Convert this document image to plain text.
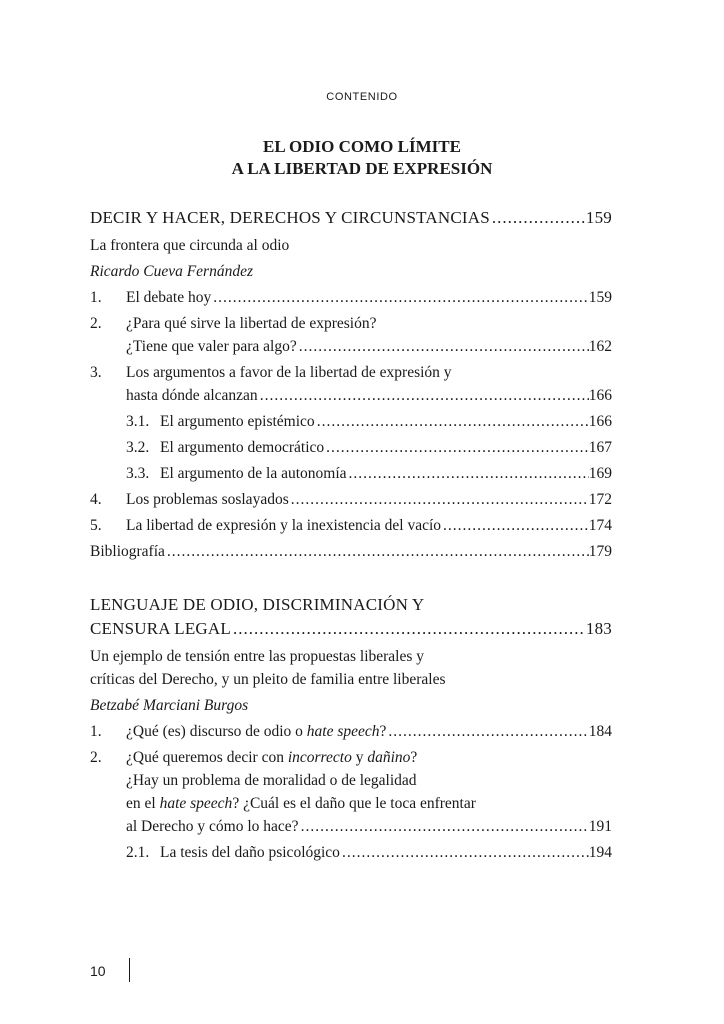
CONTENIDO
EL ODIO COMO LÍMITE
A LA LIBERTAD DE EXPRESIÓN
DECIR Y HACER, DERECHOS Y CIRCUNSTANCIAS .....	159
La frontera que circunda al odio
Ricardo Cueva Fernández
1. El debate hoy .....	159
2. ¿Para qué sirve la libertad de expresión?
¿Tiene que valer para algo? .....	162
3. Los argumentos a favor de la libertad de expresión y
hasta dónde alcanzan .....	166
3.1. El argumento epistémico .....	166
3.2. El argumento democrático .....	167
3.3. El argumento de la autonomía .....	169
4. Los problemas soslayados .....	172
5. La libertad de expresión y la inexistencia del vacío .....	174
Bibliografía .....	179
LENGUAJE DE ODIO, DISCRIMINACIÓN Y
CENSURA LEGAL .....	183
Un ejemplo de tensión entre las propuestas liberales y
críticas del Derecho, y un pleito de familia entre liberales
Betzabé Marciani Burgos
1. ¿Qué (es) discurso de odio o hate speech? .....	184
2. ¿Qué queremos decir con incorrecto y dañino?
¿Hay un problema de moralidad o de legalidad
en el hate speech? ¿Cuál es el daño que le toca enfrentar
al Derecho y cómo lo hace? .....	191
2.1. La tesis del daño psicológico .....	194
10
